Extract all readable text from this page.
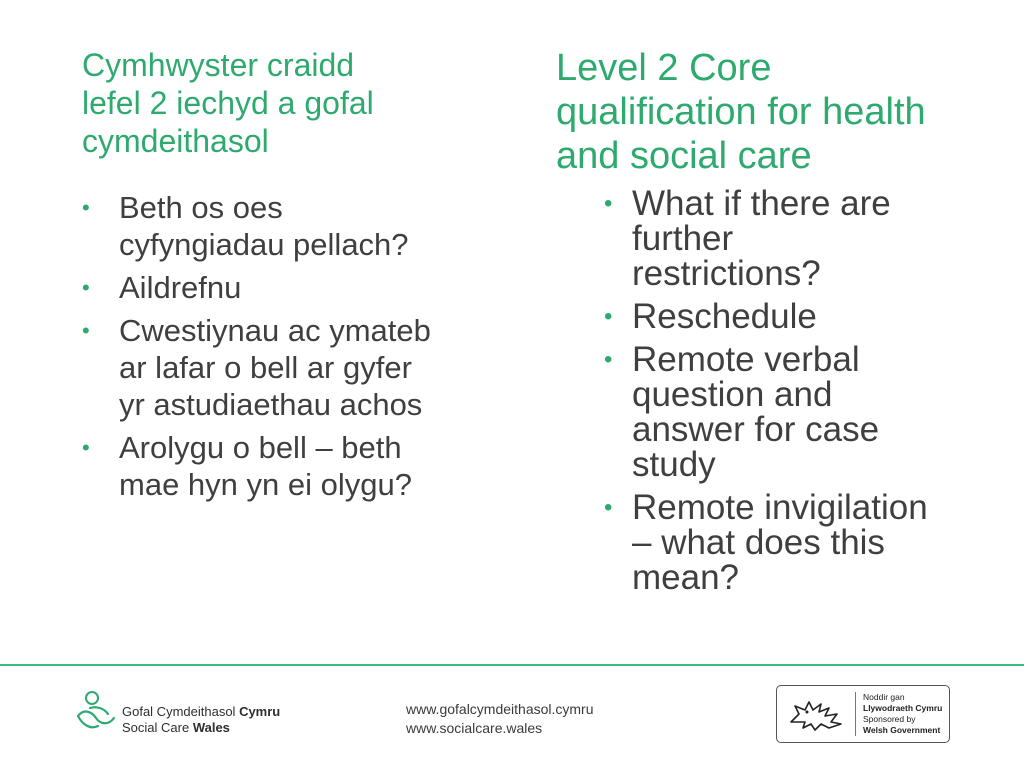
Cymhwyster craidd
lefel 2 iechyd a gofal
cymdeithasol
Level 2 Core
qualification for health
and social care
• Beth os oes
cyfyngiadau pellach?
• Aildrefnu
• Cwestiynau ac ymateb
ar lafar o bell ar gyfer
yr astudiaethau achos
• Arolygu o bell – beth
mae hyn yn ei olygu?
• What if there are
further
restrictions?
• Reschedule
• Remote verbal
question and
answer for case
study
• Remote invigilation
– what does this
mean?
Gofal Cymdeithasol Cymru
Social Care Wales
www.gofalcymdeithasol.cymru
www.socialcare.wales
Noddir gan
Llywodraeth Cymru
Sponsored by
Welsh Government
